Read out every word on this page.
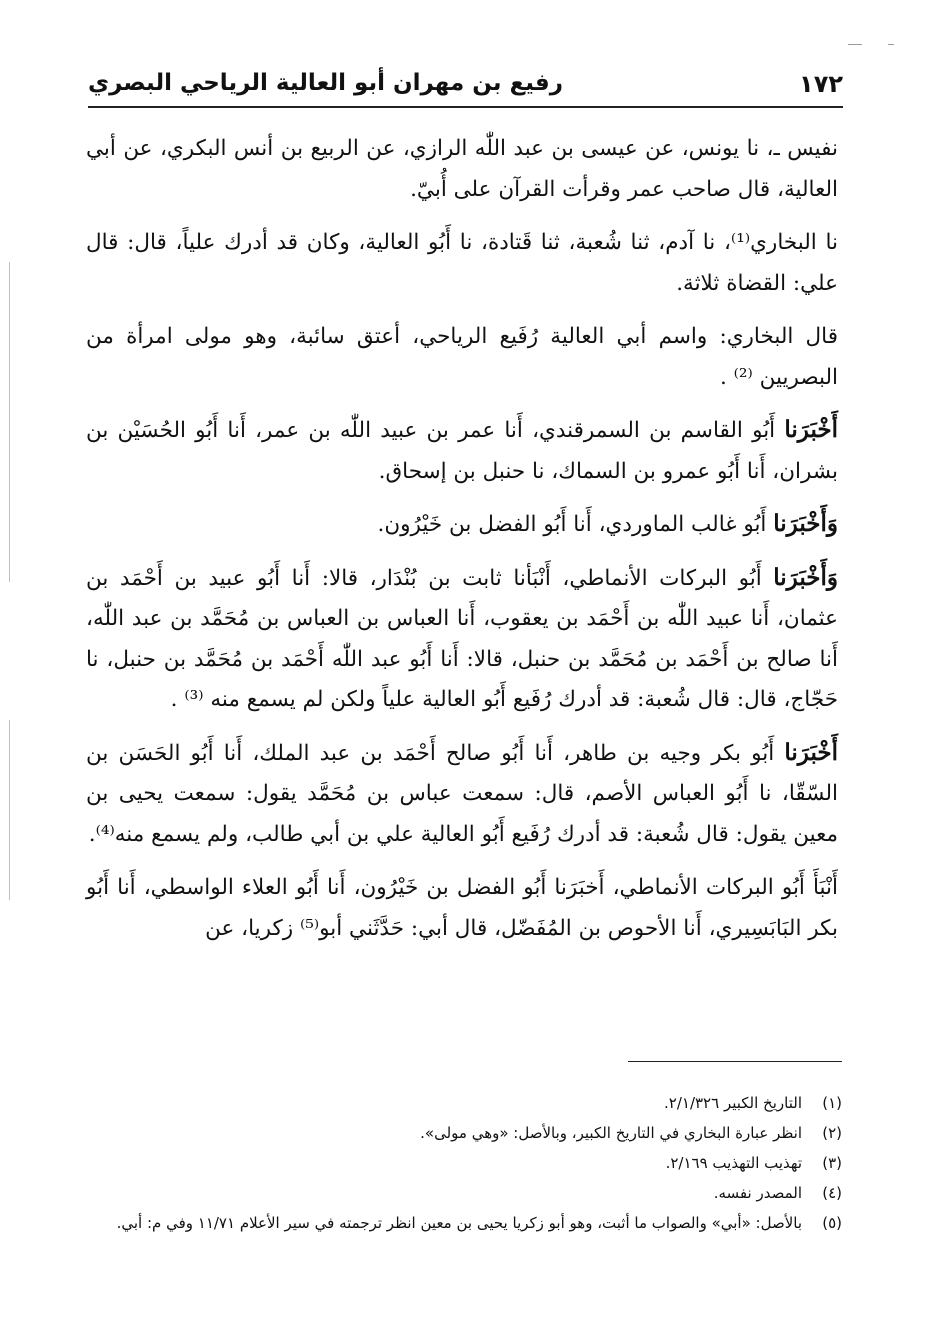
١٧٢
رفيع بن مهران أبو العالية الرياحي البصري

نفيس ـ، نا يونس، عن عيسى بن عبد اللّٰه الرازي، عن الربيع بن أنس البكري، عن أبي العالية، قال صاحب عمر وقرأت القرآن على أُبيّ.

نا البخاري⁽¹⁾، نا آدم، ثنا شُعبة، ثنا قَتادة، نا أَبُو العالية، وكان قد أدرك علياً، قال: قال علي: القضاة ثلاثة.

قال البخاري: واسم أبي العالية رُفَيع الرياحي، أعتق سائبة، وهو مولى امرأة من البصريين ⁽²⁾ .

أَخْبَرَنا أَبُو القاسم بن السمرقندي، أَنا عمر بن عبيد اللّٰه بن عمر، أَنا أَبُو الحُسَيْن بن بشران، أَنا أَبُو عمرو بن السماك، نا حنبل بن إسحاق.

وَأَخْبَرَنا أَبُو غالب الماوردي، أَنا أَبُو الفضل بن خَيْرُون.

وَأَخْبَرَنا أَبُو البركات الأنماطي، أَنْبَأنا ثابت بن بُنْدَار، قالا: أَنا أَبُو عبيد بن أَحْمَد بن عثمان، أَنا عبيد اللّٰه بن أَحْمَد بن يعقوب، أَنا العباس بن العباس بن مُحَمَّد بن عبد اللّٰه، أَنا صالح بن أَحْمَد بن مُحَمَّد بن حنبل، قالا: أَنا أَبُو عبد اللّٰه أَحْمَد بن مُحَمَّد بن حنبل، نا حَجّاج، قال: قال شُعبة: قد أدرك رُفَيع أَبُو العالية علياً ولكن لم يسمع منه ⁽³⁾ .

أَخْبَرَنا أَبُو بكر وجيه بن طاهر، أَنا أَبُو صالح أَحْمَد بن عبد الملك، أَنا أَبُو الحَسَن بن السّقّا، نا أَبُو العباس الأصم، قال: سمعت عباس بن مُحَمَّد يقول: سمعت يحيى بن معين يقول: قال شُعبة: قد أدرك رُفَيع أَبُو العالية علي بن أبي طالب، ولم يسمع منه⁽⁴⁾.

أَنْبَأَ أَبُو البركات الأنماطي، أَخبَرَنا أَبُو الفضل بن خَيْرُون، أَنا أَبُو العلاء الواسطي، أَنا أَبُو بكر البَابَسِيري، أَنا الأحوص بن المُفَضّل، قال أبي: حَدَّثَني أبو⁽⁵⁾ زكريا، عن

(١)
التاريخ الكبير ٢/١/٣٢٦.
(٢)
انظر عبارة البخاري في التاريخ الكبير، وبالأصل: «وهي مولى».
(٣)
تهذيب التهذيب ٢/١٦٩.
(٤)
المصدر نفسه.
(٥)
بالأصل: «أبي» والصواب ما أثبت، وهو أبو زكريا يحيى بن معين انظر ترجمته في سير الأعلام ١١/٧١ وفي م: أبي.
